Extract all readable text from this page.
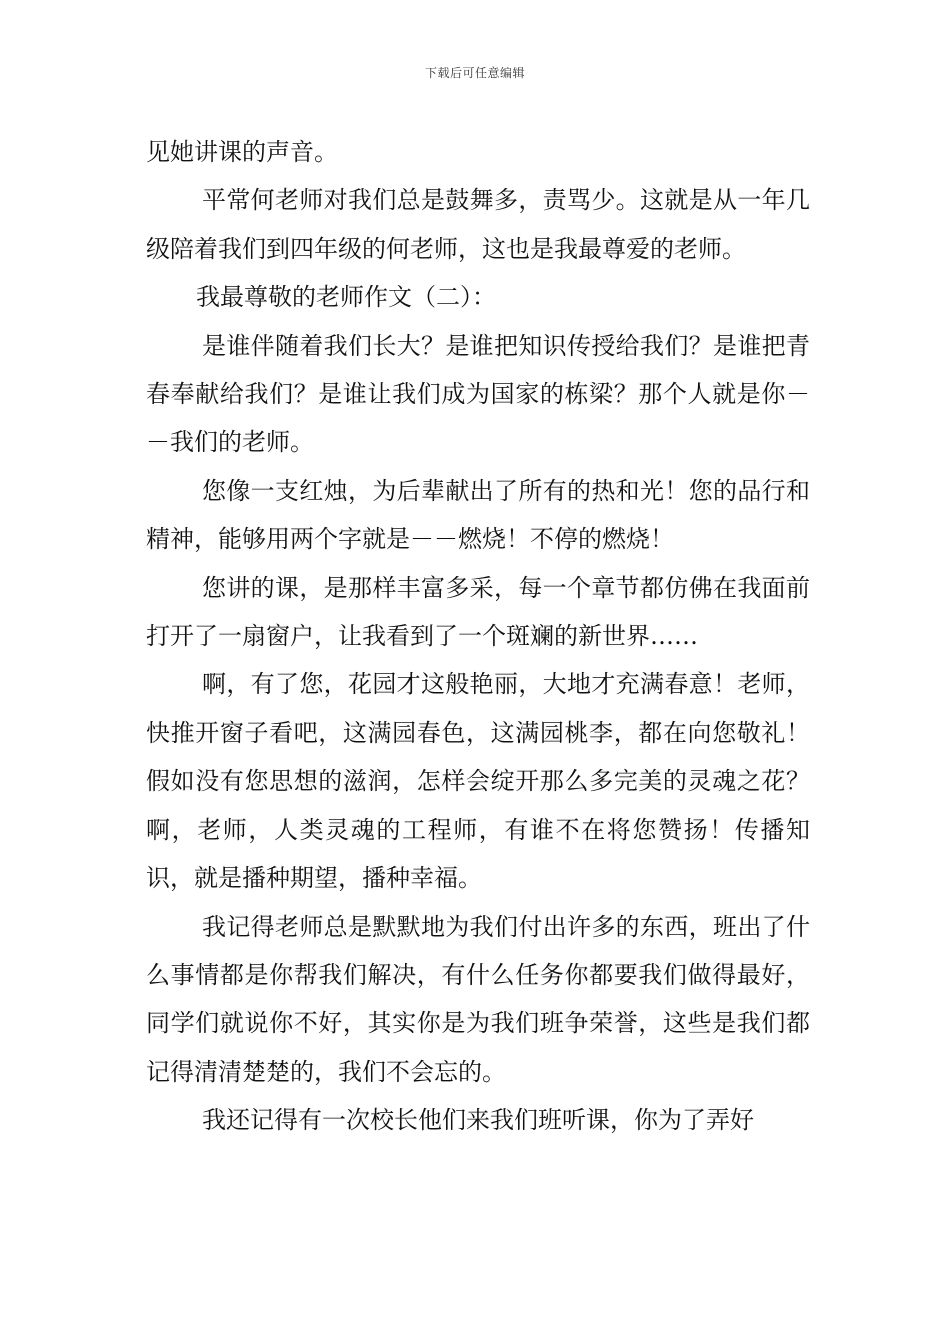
下载后可任意编辑

见她讲课的声音。

平常何老师对我们总是鼓舞多，责骂少。这就是从一年几级陪着我们到四年级的何老师，这也是我最尊爱的老师。

我最尊敬的老师作文（二）：

是谁伴随着我们长大？是谁把知识传授给我们？是谁把青春奉献给我们？是谁让我们成为国家的栋梁？那个人就是你－－我们的老师。

您像一支红烛，为后辈献出了所有的热和光！您的品行和精神，能够用两个字就是－－燃烧！不停的燃烧！

您讲的课，是那样丰富多采，每一个章节都仿佛在我面前打开了一扇窗户，让我看到了一个斑斓的新世界……

啊，有了您，花园才这般艳丽，大地才充满春意！老师，快推开窗子看吧，这满园春色，这满园桃李，都在向您敬礼！假如没有您思想的滋润，怎样会绽开那么多完美的灵魂之花？啊，老师，人类灵魂的工程师，有谁不在将您赞扬！传播知识，就是播种期望，播种幸福。

我记得老师总是默默地为我们付出许多的东西，班出了什么事情都是你帮我们解决，有什么任务你都要我们做得最好，同学们就说你不好，其实你是为我们班争荣誉，这些是我们都记得清清楚楚的，我们不会忘的。

我还记得有一次校长他们来我们班听课，你为了弄好
